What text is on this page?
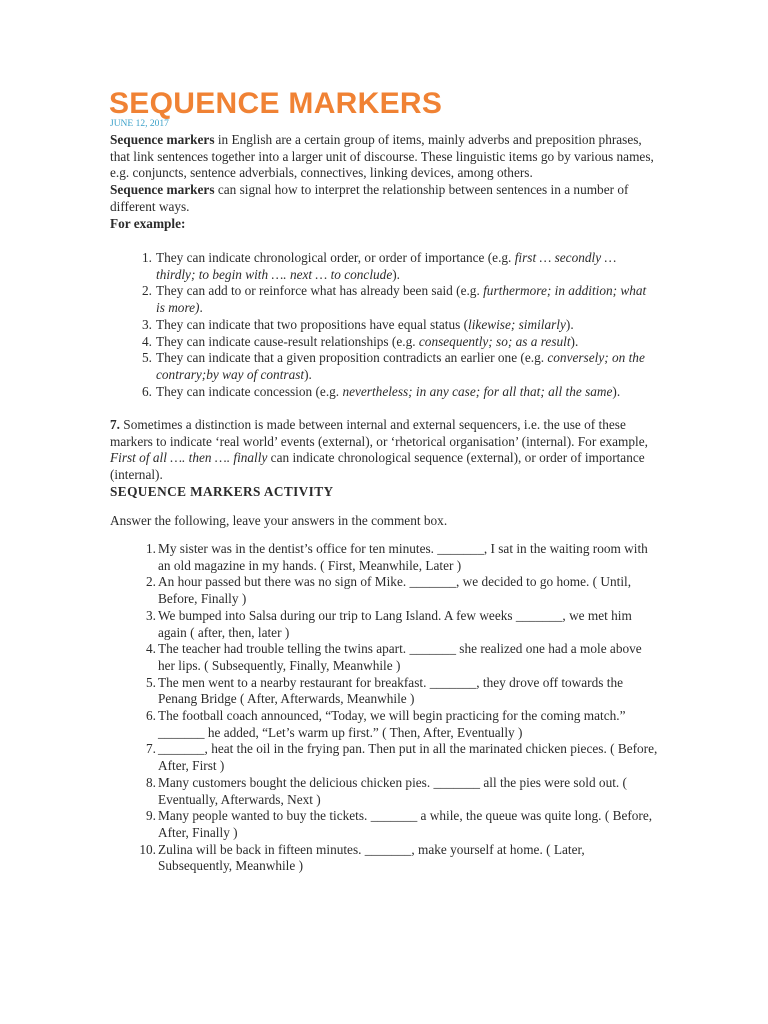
SEQUENCE MARKERS
JUNE 12, 2017
Sequence markers in English are a certain group of items, mainly adverbs and preposition phrases, that link sentences together into a larger unit of discourse. These linguistic items go by various names, e.g. conjuncts, sentence adverbials, connectives, linking devices, among others.
Sequence markers can signal how to interpret the relationship between sentences in a number of different ways.
For example:
1. They can indicate chronological order, or order of importance (e.g. first … secondly … thirdly; to begin with …. next … to conclude).
2. They can add to or reinforce what has already been said (e.g. furthermore; in addition; what is more).
3. They can indicate that two propositions have equal status (likewise; similarly).
4. They can indicate cause-result relationships (e.g. consequently; so; as a result).
5. They can indicate that a given proposition contradicts an earlier one (e.g. conversely; on the contrary;by way of contrast).
6. They can indicate concession (e.g. nevertheless; in any case; for all that; all the same).
7. Sometimes a distinction is made between internal and external sequencers, i.e. the use of these markers to indicate ‘real world’ events (external), or ‘rhetorical organisation’ (internal). For example, First of all …. then …. finally can indicate chronological sequence (external), or order of importance (internal).
SEQUENCE MARKERS ACTIVITY
Answer the following, leave your answers in the comment box.
1. My sister was in the dentist’s office for ten minutes. _______, I sat in the waiting room with an old magazine in my hands. ( First, Meanwhile, Later )
2. An hour passed but there was no sign of Mike. _______, we decided to go home. ( Until, Before, Finally )
3. We bumped into Salsa during our trip to Lang Island. A few weeks _______, we met him again ( after, then, later )
4. The teacher had trouble telling the twins apart. _______ she realized one had a mole above her lips. ( Subsequently, Finally, Meanwhile )
5. The men went to a nearby restaurant for breakfast. _______, they drove off towards the Penang Bridge ( After, Afterwards, Meanwhile )
6. The football coach announced, “Today, we will begin practicing for the coming match.” _______ he added, “Let’s warm up first.” ( Then, After, Eventually )
7. _______, heat the oil in the frying pan. Then put in all the marinated chicken pieces. ( Before, After, First )
8. Many customers bought the delicious chicken pies. _______ all the pies were sold out. ( Eventually, Afterwards, Next )
9. Many people wanted to buy the tickets. _______ a while, the queue was quite long. ( Before, After, Finally )
10. Zulina will be back in fifteen minutes. _______, make yourself at home. ( Later, Subsequently, Meanwhile )
